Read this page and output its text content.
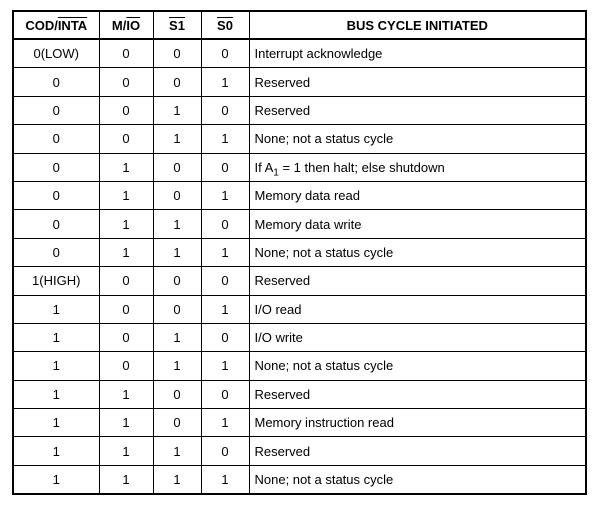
COD/INTA	$M/\overline{IO}$	S1	S0	BUS CYCLE INITIATED
0(LOW)	0	0	0	Interrupt acknowledge
0	0	0	1	Reserved
0	0	1	0	Reserved
0	0	1	1	None; not a status cycle
0	1	0	0	If $A_1 = 1$ then halt; else shutdown
0	1	0	1	Memory data read
0	1	1	0	Memory data write
0	1	1	1	None; not a status cycle
1(HIGH)	0	0	0	Reserved
1	0	0	1	I/O read
1	0	1	0	I/O write
1	0	1	1	None; not a status cycle
1	1	0	0	Reserved
1	1	0	1	Memory instruction read
1	1	1	0	Reserved
1	1	1	1	None; not a status cycle
